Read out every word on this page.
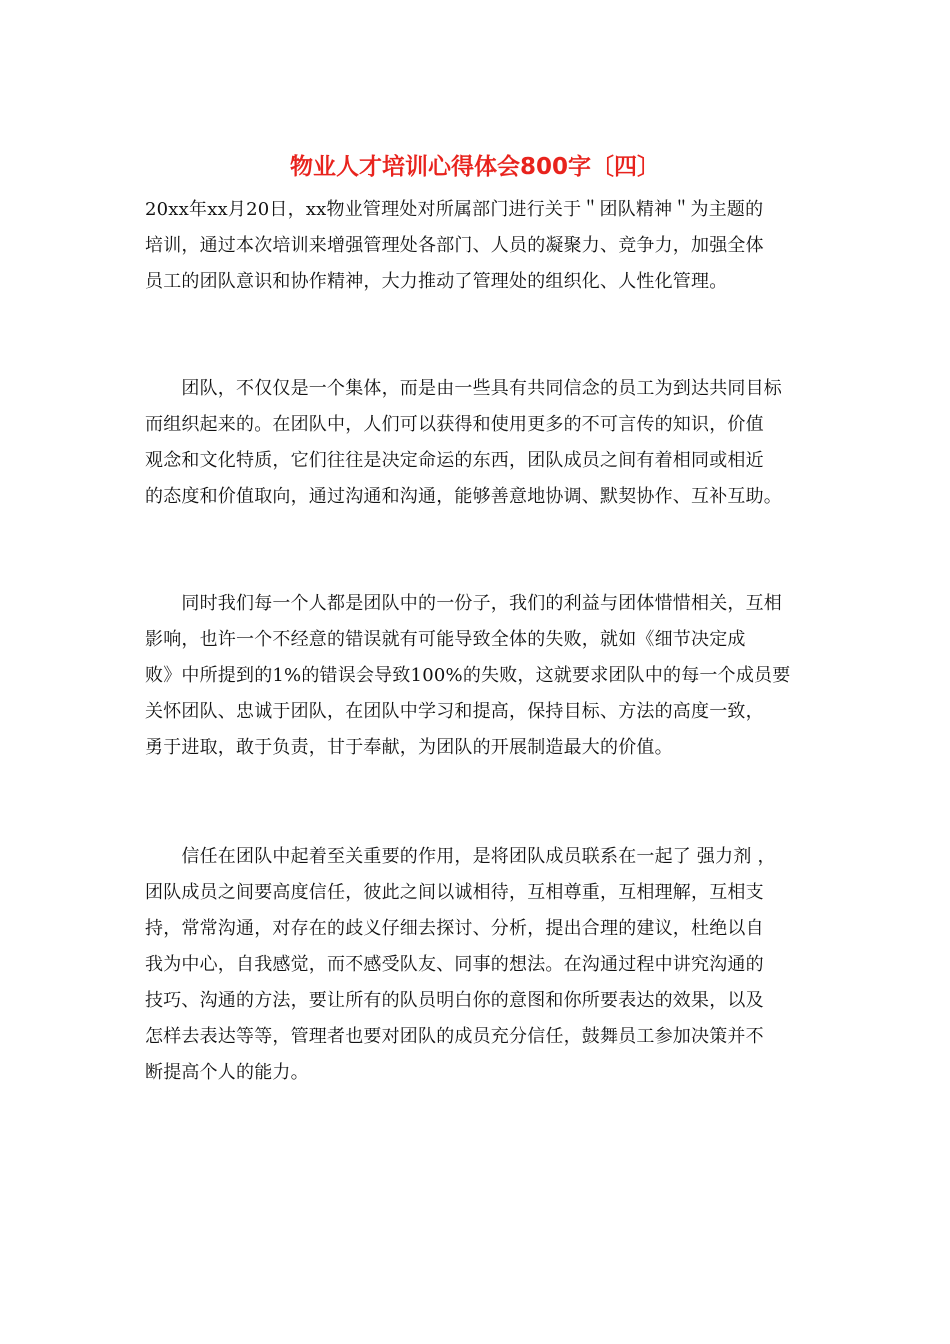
物业人才培训心得体会800字〔四〕

20xx年xx月20日，xx物业管理处对所属部门进行关于＂团队精神＂为主题的
培训，通过本次培训来增强管理处各部门、人员的凝聚力、竞争力，加强全体
员工的团队意识和协作精神，大力推动了管理处的组织化、人性化管理。

　　团队，不仅仅是一个集体，而是由一些具有共同信念的员工为到达共同目标
而组织起来的。在团队中，人们可以获得和使用更多的不可言传的知识，价值
观念和文化特质，它们往往是决定命运的东西，团队成员之间有着相同或相近
的态度和价值取向，通过沟通和沟通，能够善意地协调、默契协作、互补互助。

　　同时我们每一个人都是团队中的一份子，我们的利益与团体惜惜相关，互相
影响，也许一个不经意的错误就有可能导致全体的失败，就如《细节决定成
败》中所提到的1%的错误会导致100%的失败，这就要求团队中的每一个成员要
关怀团队、忠诚于团队，在团队中学习和提高，保持目标、方法的高度一致，
勇于进取，敢于负责，甘于奉献，为团队的开展制造最大的价值。

　　信任在团队中起着至关重要的作用，是将团队成员联系在一起了 强力剂 ，
团队成员之间要高度信任，彼此之间以诚相待，互相尊重，互相理解，互相支
持，常常沟通，对存在的歧义仔细去探讨、分析，提出合理的建议，杜绝以自
我为中心，自我感觉，而不感受队友、同事的想法。在沟通过程中讲究沟通的
技巧、沟通的方法，要让所有的队员明白你的意图和你所要表达的效果，以及
怎样去表达等等，管理者也要对团队的成员充分信任，鼓舞员工参加决策并不
断提高个人的能力。
